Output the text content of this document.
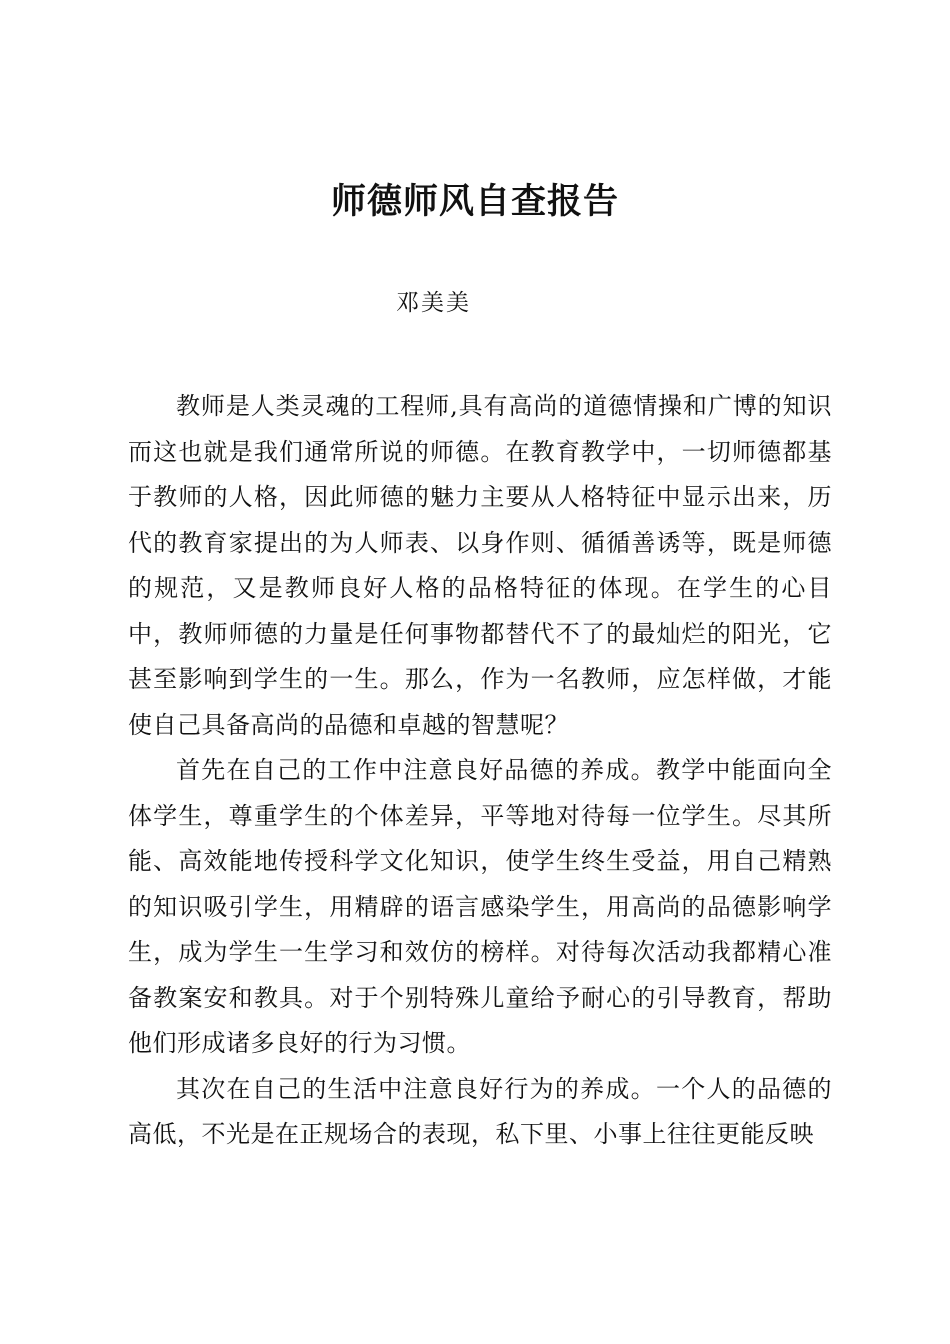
师德师风自查报告

邓美美

教师是人类灵魂的工程师,具有高尚的道德情操和广博的知识而这也就是我们通常所说的师德。在教育教学中，一切师德都基于教师的人格，因此师德的魅力主要从人格特征中显示出来，历代的教育家提出的为人师表、以身作则、循循善诱等，既是师德的规范，又是教师良好人格的品格特征的体现。在学生的心目中，教师师德的力量是任何事物都替代不了的最灿烂的阳光，它甚至影响到学生的一生。那么，作为一名教师，应怎样做，才能使自己具备高尚的品德和卓越的智慧呢？

首先在自己的工作中注意良好品德的养成。教学中能面向全体学生，尊重学生的个体差异，平等地对待每一位学生。尽其所能、高效能地传授科学文化知识，使学生终生受益，用自己精熟的知识吸引学生，用精辟的语言感染学生，用高尚的品德影响学生，成为学生一生学习和效仿的榜样。对待每次活动我都精心准备教案安和教具。对于个别特殊儿童给予耐心的引导教育，帮助他们形成诸多良好的行为习惯。

其次在自己的生活中注意良好行为的养成。一个人的品德的高低，不光是在正规场合的表现，私下里、小事上往往更能反映
